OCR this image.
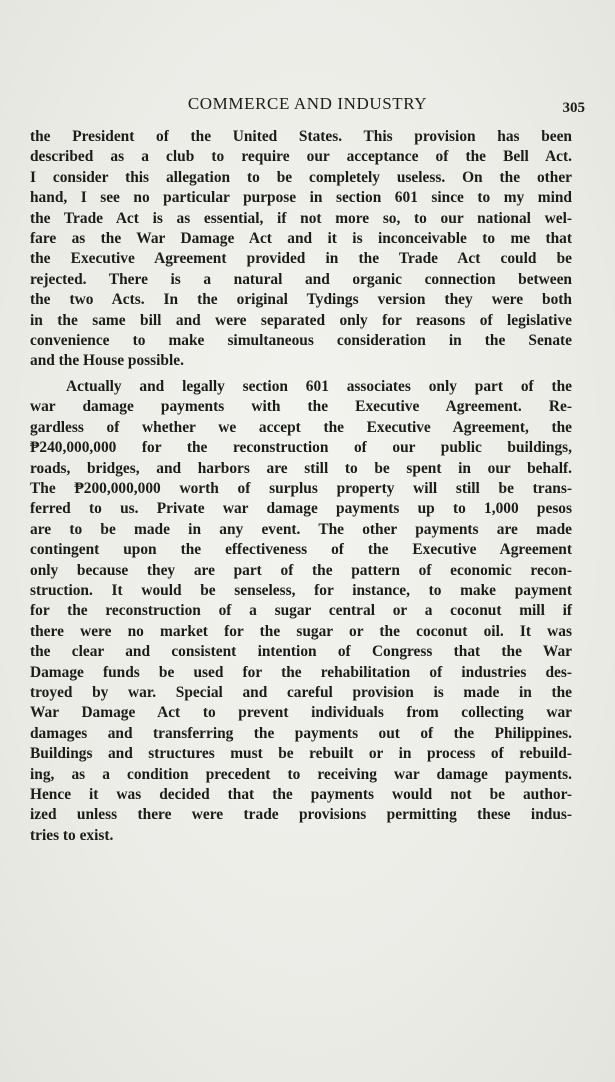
COMMERCE AND INDUSTRY	305

the President of the United States. This provision has been
described as a club to require our acceptance of the Bell Act.
I consider this allegation to be completely useless. On the other
hand, I see no particular purpose in section 601 since to my mind
the Trade Act is as essential, if not more so, to our national wel-
fare as the War Damage Act and it is inconceivable to me that
the Executive Agreement provided in the Trade Act could be
rejected. There is a natural and organic connection between
the two Acts. In the original Tydings version they were both
in the same bill and were separated only for reasons of legislative
convenience to make simultaneous consideration in the Senate
and the House possible.

Actually and legally section 601 associates only part of the
war damage payments with the Executive Agreement. Re-
gardless of whether we accept the Executive Agreement, the
₱240,000,000 for the reconstruction of our public buildings,
roads, bridges, and harbors are still to be spent in our behalf.
The ₱200,000,000 worth of surplus property will still be trans-
ferred to us. Private war damage payments up to 1,000 pesos
are to be made in any event. The other payments are made
contingent upon the effectiveness of the Executive Agreement
only because they are part of the pattern of economic recon-
struction. It would be senseless, for instance, to make payment
for the reconstruction of a sugar central or a coconut mill if
there were no market for the sugar or the coconut oil. It was
the clear and consistent intention of Congress that the War
Damage funds be used for the rehabilitation of industries des-
troyed by war. Special and careful provision is made in the
War Damage Act to prevent individuals from collecting war
damages and transferring the payments out of the Philippines.
Buildings and structures must be rebuilt or in process of rebuild-
ing, as a condition precedent to receiving war damage payments.
Hence it was decided that the payments would not be author-
ized unless there were trade provisions permitting these indus-
tries to exist.
